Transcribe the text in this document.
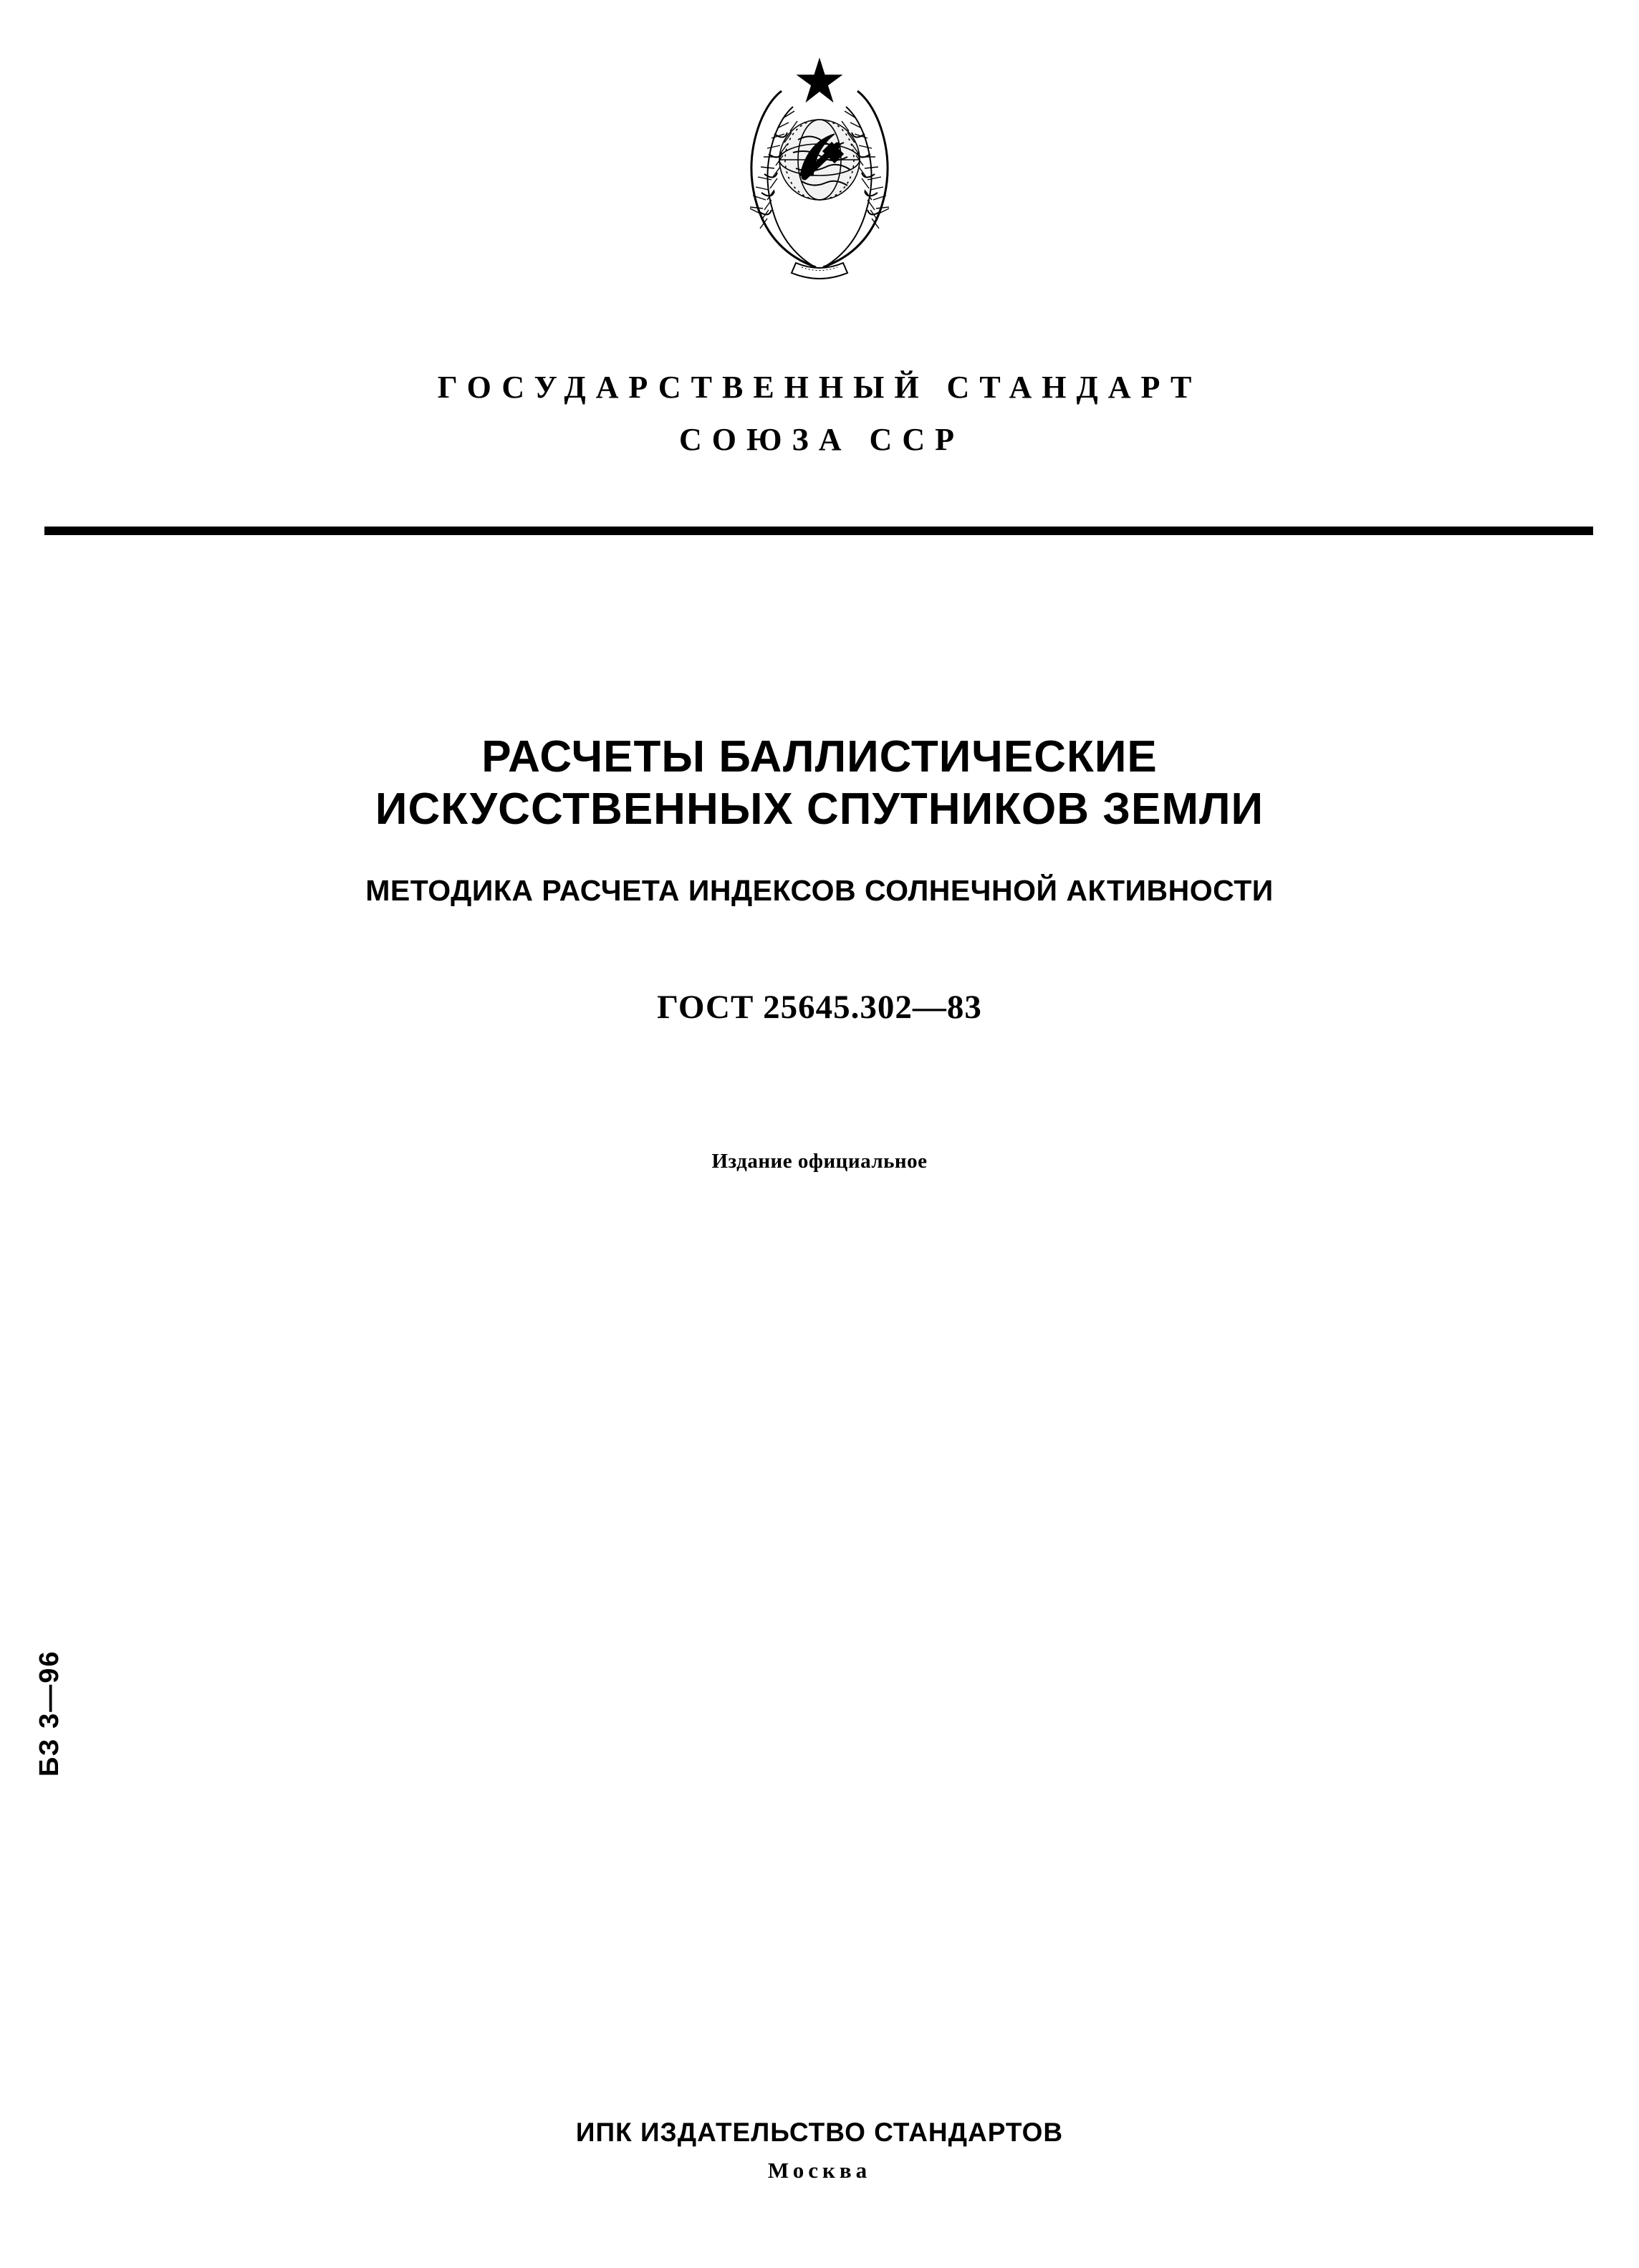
ГОСУДАРСТВЕННЫЙ СТАНДАРТ
СОЮЗА ССР
РАСЧЕТЫ БАЛЛИСТИЧЕСКИЕ
ИСКУССТВЕННЫХ СПУТНИКОВ ЗЕМЛИ
МЕТОДИКА РАСЧЕТА ИНДЕКСОВ СОЛНЕЧНОЙ АКТИВНОСТИ
ГОСТ 25645.302—83
Издание официальное
БЗ 3—96
ИПК ИЗДАТЕЛЬСТВО СТАНДАРТОВ
Москва
